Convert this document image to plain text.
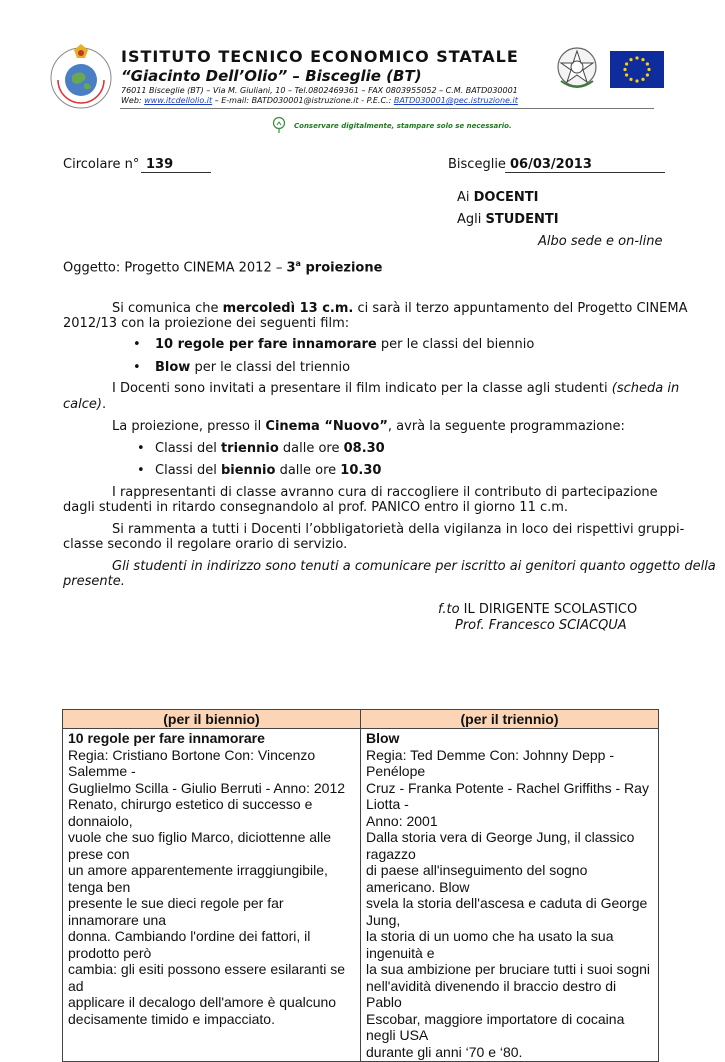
ISTITUTO TECNICO ECONOMICO STATALE
“Giacinto Dell’Olio” – Bisceglie (BT)
76011 Bisceglie (BT) – Via M. Giuliani, 10 – Tel.0802469361 – FAX 0803955052 – C.M. BATD030001
Web: www.itcdellolio.it – E-mail: BATD030001@istruzione.it - P.E.C.: BATD030001@pec.istruzione.it
Conservare digitalmente, stampare solo se necessario.
Circolare n° 139	Bisceglie 06/03/2013
Ai DOCENTI
Agli STUDENTI
Albo sede e on-line
Oggetto: Progetto CINEMA 2012 – 3$^a$ proiezione
Si comunica che mercoledì 13 c.m. ci sarà il terzo appuntamento del Progetto CINEMA
2012/13 con la proiezione dei seguenti film:
• 10 regole per fare innamorare per le classi del biennio
• Blow per le classi del triennio
I Docenti sono invitati a presentare il film indicato per la classe agli studenti (scheda in
calce).
La proiezione, presso il Cinema “Nuovo”, avrà la seguente programmazione:
• Classi del triennio dalle ore 08.30
• Classi del biennio dalle ore 10.30
I rappresentanti di classe avranno cura di raccogliere il contributo di partecipazione
dagli studenti in ritardo consegnandolo al prof. PANICO entro il giorno 11 c.m.
Si rammenta a tutti i Docenti l’obbligatorietà della vigilanza in loco dei rispettivi gruppi-
classe secondo il regolare orario di servizio.
Gli studenti in indirizzo sono tenuti a comunicare per iscritto ai genitori quanto oggetto della
presente.
f.to IL DIRIGENTE SCOLASTICO
Prof. Francesco SCIACQUA
(per il biennio)	(per il triennio)
10 regole per fare innamorare
Regia: Cristiano Bortone Con: Vincenzo Salemme -
Guglielmo Scilla - Giulio Berruti - Anno: 2012
Renato, chirurgo estetico di successo e donnaiolo,
vuole che suo figlio Marco, diciottenne alle prese con
un amore apparentemente irraggiungibile, tenga ben
presente le sue dieci regole per far innamorare una
donna. Cambiando l'ordine dei fattori, il prodotto però
cambia: gli esiti possono essere esilaranti se ad
applicare il decalogo dell'amore è qualcuno
decisamente timido e impacciato.
Blow
Regia: Ted Demme Con: Johnny Depp - Penélope
Cruz - Franka Potente - Rachel Griffiths - Ray Liotta -
Anno: 2001
Dalla storia vera di George Jung, il classico ragazzo
di paese all'inseguimento del sogno americano. Blow
svela la storia dell'ascesa e caduta di George Jung,
la storia di un uomo che ha usato la sua ingenuità e
la sua ambizione per bruciare tutti i suoi sogni
nell'avidità divenendo il braccio destro di Pablo
Escobar, maggiore importatore di cocaina negli USA
durante gli anni ‘70 e ‘80.
